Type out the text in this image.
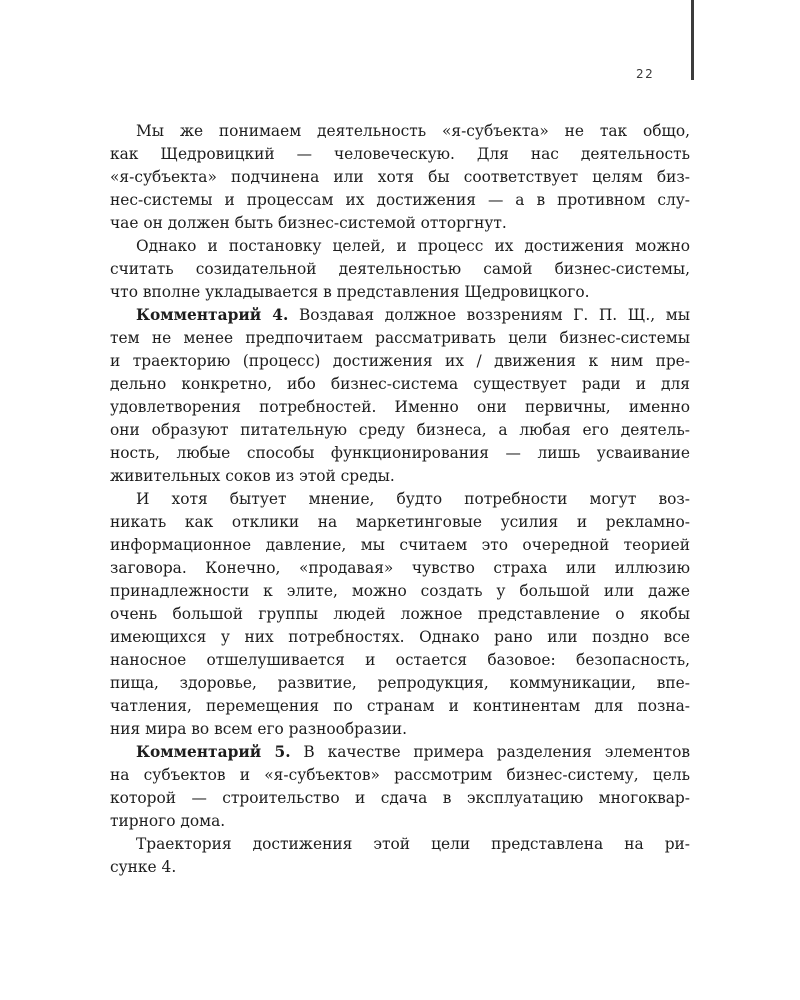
22
Мы же понимаем деятельность «я-субъекта» не так общо,
как Щедровицкий — человеческую. Для нас деятельность
«я-субъекта» подчинена или хотя бы соответствует целям биз-
нес-системы и процессам их достижения — а в противном слу-
чае он должен быть бизнес-системой отторгнут.
Однако и постановку целей, и процесс их достижения можно
считать созидательной деятельностью самой бизнес-системы,
что вполне укладывается в представления Щедровицкого.
Комментарий 4. Воздавая должное воззрениям Г. П. Щ., мы
тем не менее предпочитаем рассматривать цели бизнес-системы
и траекторию (процесс) достижения их / движения к ним пре-
дельно конкретно, ибо бизнес-система существует ради и для
удовлетворения потребностей. Именно они первичны, именно
они образуют питательную среду бизнеса, а любая его деятель-
ность, любые способы функционирования — лишь усваивание
живительных соков из этой среды.
И хотя бытует мнение, будто потребности могут воз-
никать как отклики на маркетинговые усилия и рекламно-
информационное давление, мы считаем это очередной теорией
заговора. Конечно, «продавая» чувство страха или иллюзию
принадлежности к элите, можно создать у большой или даже
очень большой группы людей ложное представление о якобы
имеющихся у них потребностях. Однако рано или поздно все
наносное отшелушивается и остается базовое: безопасность,
пища, здоровье, развитие, репродукция, коммуникации, впе-
чатления, перемещения по странам и континентам для позна-
ния мира во всем его разнообразии.
Комментарий 5. В качестве примера разделения элементов
на субъектов и «я-субъектов» рассмотрим бизнес-систему, цель
которой — строительство и сдача в эксплуатацию многоквар-
тирного дома.
Траектория достижения этой цели представлена на ри-
сунке 4.
